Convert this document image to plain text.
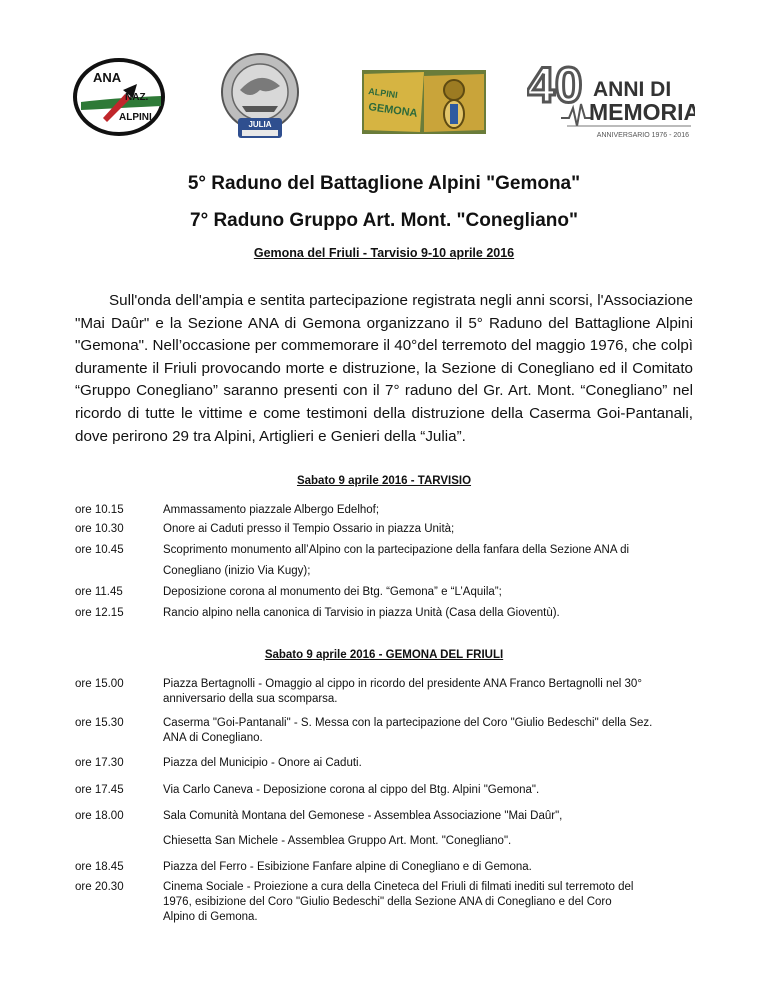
ANA
NAZ.
ALPINI
JULIA
ALPINI
GEMONA 40 ANNI DI
MEMORIA
ANNIVERSARIO 1976 - 2016
5° Raduno del Battaglione Alpini "Gemona"
7° Raduno Gruppo Art. Mont. "Conegliano"
Gemona del Friuli - Tarvisio 9-10 aprile 2016
Sull'onda dell'ampia e sentita partecipazione registrata negli anni scorsi, l'Associazione "Mai Daûr" e la Sezione ANA di Gemona organizzano il 5° Raduno del Battaglione Alpini "Gemona". Nell’occasione per commemorare il 40°del terremoto del maggio 1976, che colpì duramente il Friuli provocando morte e distruzione, la Sezione di Conegliano ed il Comitato “Gruppo Conegliano” saranno presenti con il 7° raduno del Gr. Art. Mont. “Conegliano” nel ricordo di tutte le vittime e come testimoni della distruzione della Caserma Goi-Pantanali, dove perirono 29 tra Alpini, Artiglieri e Genieri della “Julia”.
Sabato 9 aprile 2016 - TARVISIO
ore 10.15	Ammassamento piazzale Albergo Edelhof;
ore 10.30	Onore ai Caduti presso il Tempio Ossario in piazza Unità;
ore 10.45	Scoprimento monumento all’Alpino con la partecipazione della fanfara della Sezione ANA di
Conegliano (inizio Via Kugy);
ore 11.45	Deposizione corona al monumento dei Btg. “Gemona” e “L’Aquila”;
ore 12.15	Rancio alpino nella canonica di Tarvisio in piazza Unità (Casa della Gioventù).
Sabato 9 aprile 2016 - GEMONA DEL FRIULI
ore 15.00	Piazza Bertagnolli - Omaggio al cippo in ricordo del presidente ANA Franco Bertagnolli nel 30°
anniversario della sua scomparsa.
ore 15.30	Caserma "Goi-Pantanali" - S. Messa con la partecipazione del Coro "Giulio Bedeschi" della Sez.
ANA di Conegliano.
ore 17.30	Piazza del Municipio - Onore ai Caduti.
ore 17.45	Via Carlo Caneva - Deposizione corona al cippo del Btg. Alpini "Gemona".
ore 18.00	Sala Comunità Montana del Gemonese - Assemblea Associazione "Mai Daûr",
Chiesetta San Michele - Assemblea Gruppo Art. Mont. "Conegliano".
ore 18.45	Piazza del Ferro - Esibizione Fanfare alpine di Conegliano e di Gemona.
ore 20.30	Cinema Sociale - Proiezione a cura della Cineteca del Friuli di filmati inediti sul terremoto del
1976, esibizione del Coro "Giulio Bedeschi" della Sezione ANA di Conegliano e del Coro
Alpino di Gemona.
